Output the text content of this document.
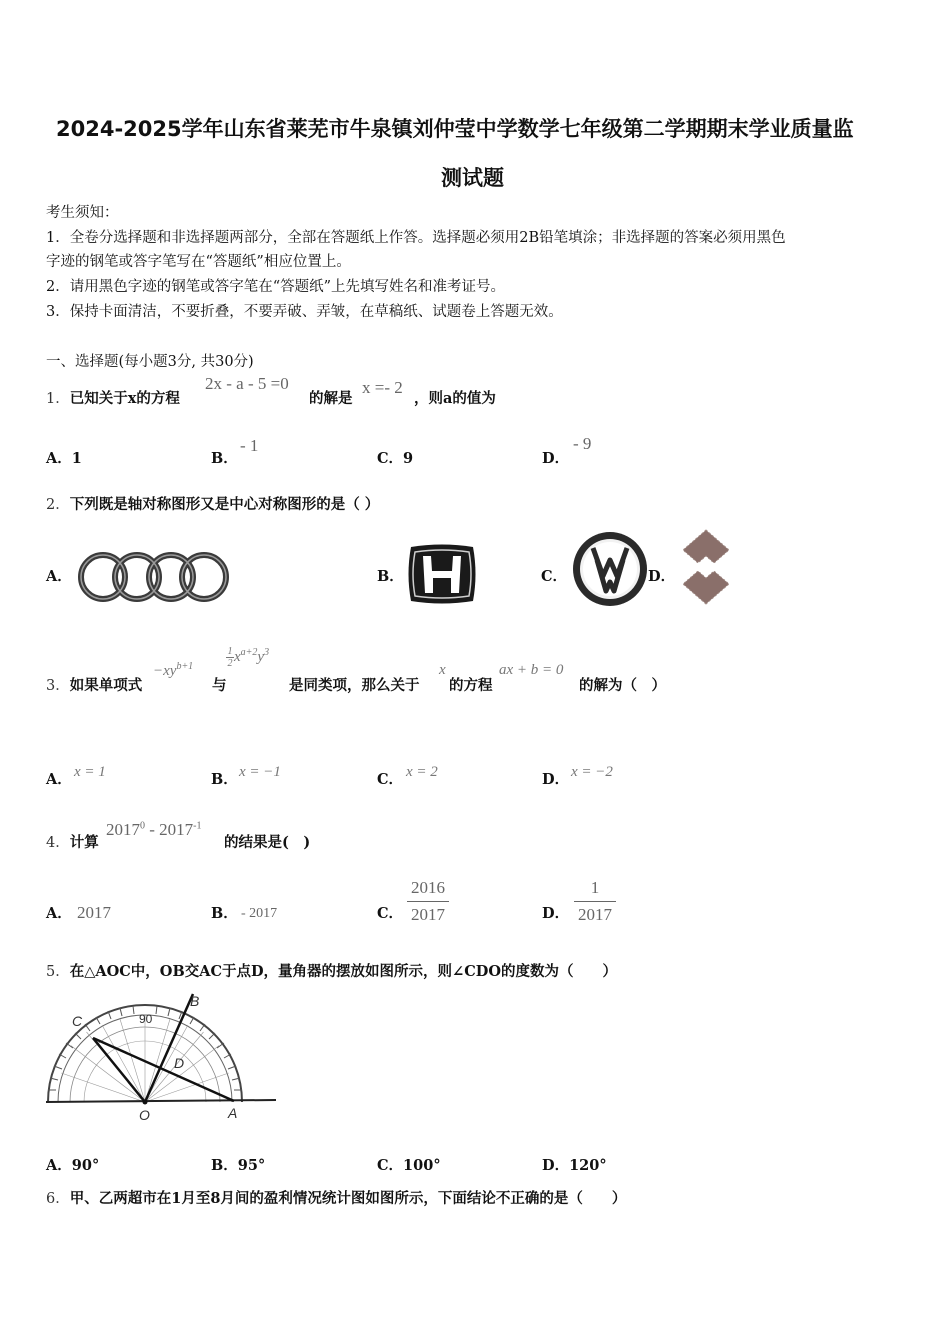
2024-2025学年山东省莱芜市牛泉镇刘仲莹中学数学七年级第二学期期末学业质量监
测试题
考生须知：
1．全卷分选择题和非选择题两部分，全部在答题纸上作答。选择题必须用2B铅笔填涂；非选择题的答案必须用黑色
字迹的钢笔或答字笔写在“答题纸”相应位置上。
2．请用黑色字迹的钢笔或答字笔在“答题纸”上先填写姓名和准考证号。
3．保持卡面清洁，不要折叠，不要弄破、弄皱，在草稿纸、试题卷上答题无效。
一、选择题(每小题3分, 共30分)
1．已知关于x的方程
2x - a - 5 =0
的解是
x =- 2
，则a的值为
A．1	B．
- 1
C．9	D．
- 9
2．下列既是轴对称图形又是中心对称图形的是（ ）
A．	B．	C．	D．
3．如果单项式
$-xy^{b+1}$
与
$\frac{1}{2} x^{a+2}y^3$
是同类项，那么关于
x
的方程
ax + b = 0
的解为（　）
A． x = 1	B． x = −1	C． x = 2	D． x = −2
4．计算
$2017^0 - 2017^{-1}$
的结果是(　)
A． 2017	B． - 2017	C．
2016
2017	D．
1
2017
5．在△AOC中，OB交AC于点D，量角器的摆放如图所示，则∠CDO的度数为（　　）
C
B
D
O	A
90
A．90°	B．95°	C．100°	D．120°
6．甲、乙两超市在1月至8月间的盈利情况统计图如图所示，下面结论不正确的是（　　）
